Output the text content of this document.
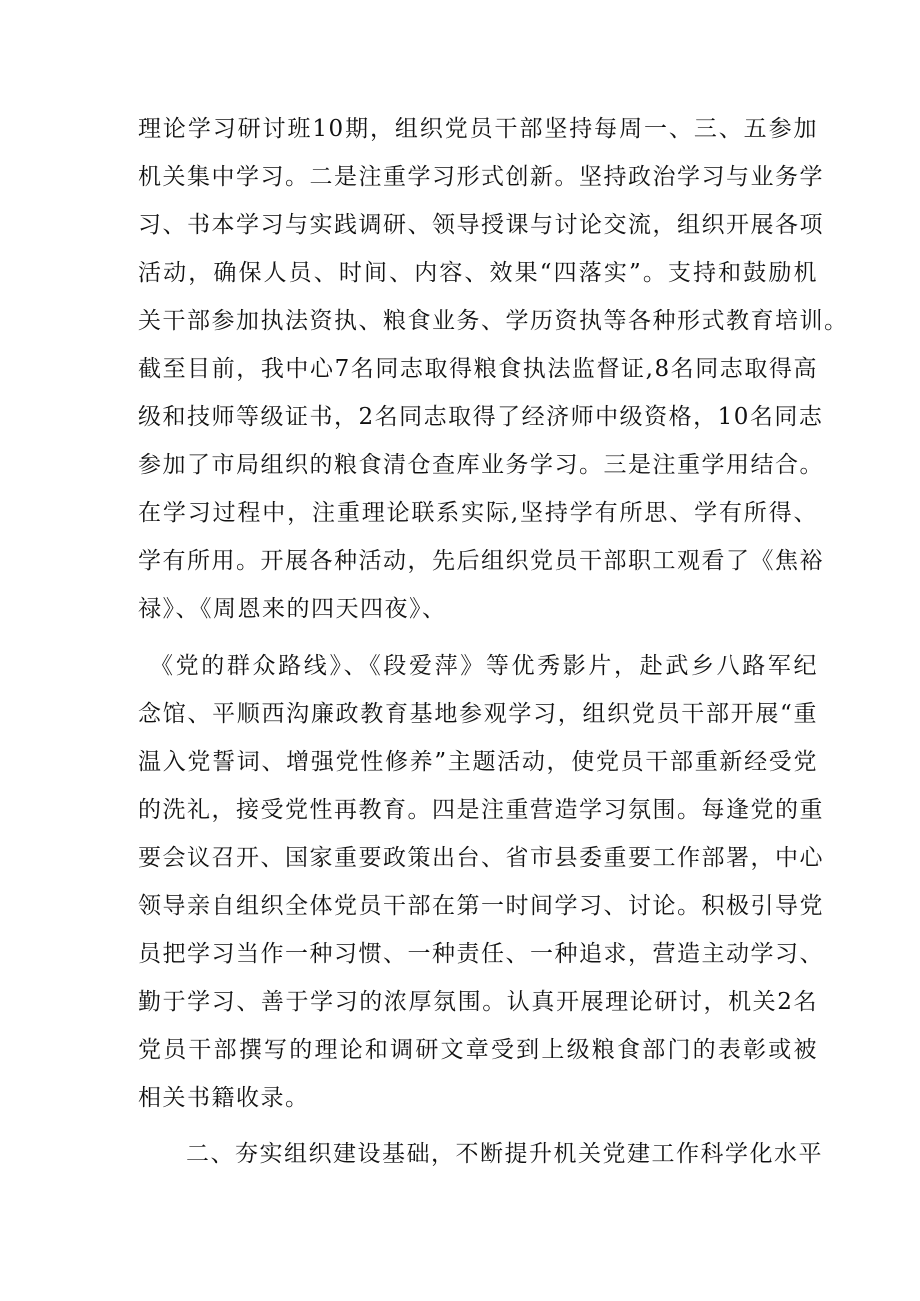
理论学习研讨班10期，组织党员干部坚持每周一、三、五参加
机关集中学习。二是注重学习形式创新。坚持政治学习与业务学
习、书本学习与实践调研、领导授课与讨论交流，组织开展各项
活动，确保人员、时间、内容、效果“四落实”。支持和鼓励机
关干部参加执法资执、粮食业务、学历资执等各种形式教育培训。
截至目前，我中心7名同志取得粮食执法监督证,8名同志取得高
级和技师等级证书，2名同志取得了经济师中级资格，10名同志
参加了市局组织的粮食清仓查库业务学习。三是注重学用结合。
在学习过程中，注重理论联系实际,坚持学有所思、学有所得、
学有所用。开展各种活动，先后组织党员干部职工观看了《焦裕
禄》、《周恩来的四天四夜》、
《党的群众路线》、《段爱萍》等优秀影片，赴武乡八路军纪
念馆、平顺西沟廉政教育基地参观学习，组织党员干部开展“重
温入党誓词、增强党性修养”主题活动，使党员干部重新经受党
的洗礼，接受党性再教育。四是注重营造学习氛围。每逢党的重
要会议召开、国家重要政策出台、省市县委重要工作部署，中心
领导亲自组织全体党员干部在第一时间学习、讨论。积极引导党
员把学习当作一种习惯、一种责任、一种追求，营造主动学习、
勤于学习、善于学习的浓厚氛围。认真开展理论研讨，机关2名
党员干部撰写的理论和调研文章受到上级粮食部门的表彰或被
相关书籍收录。
二、夯实组织建设基础，不断提升机关党建工作科学化水平
